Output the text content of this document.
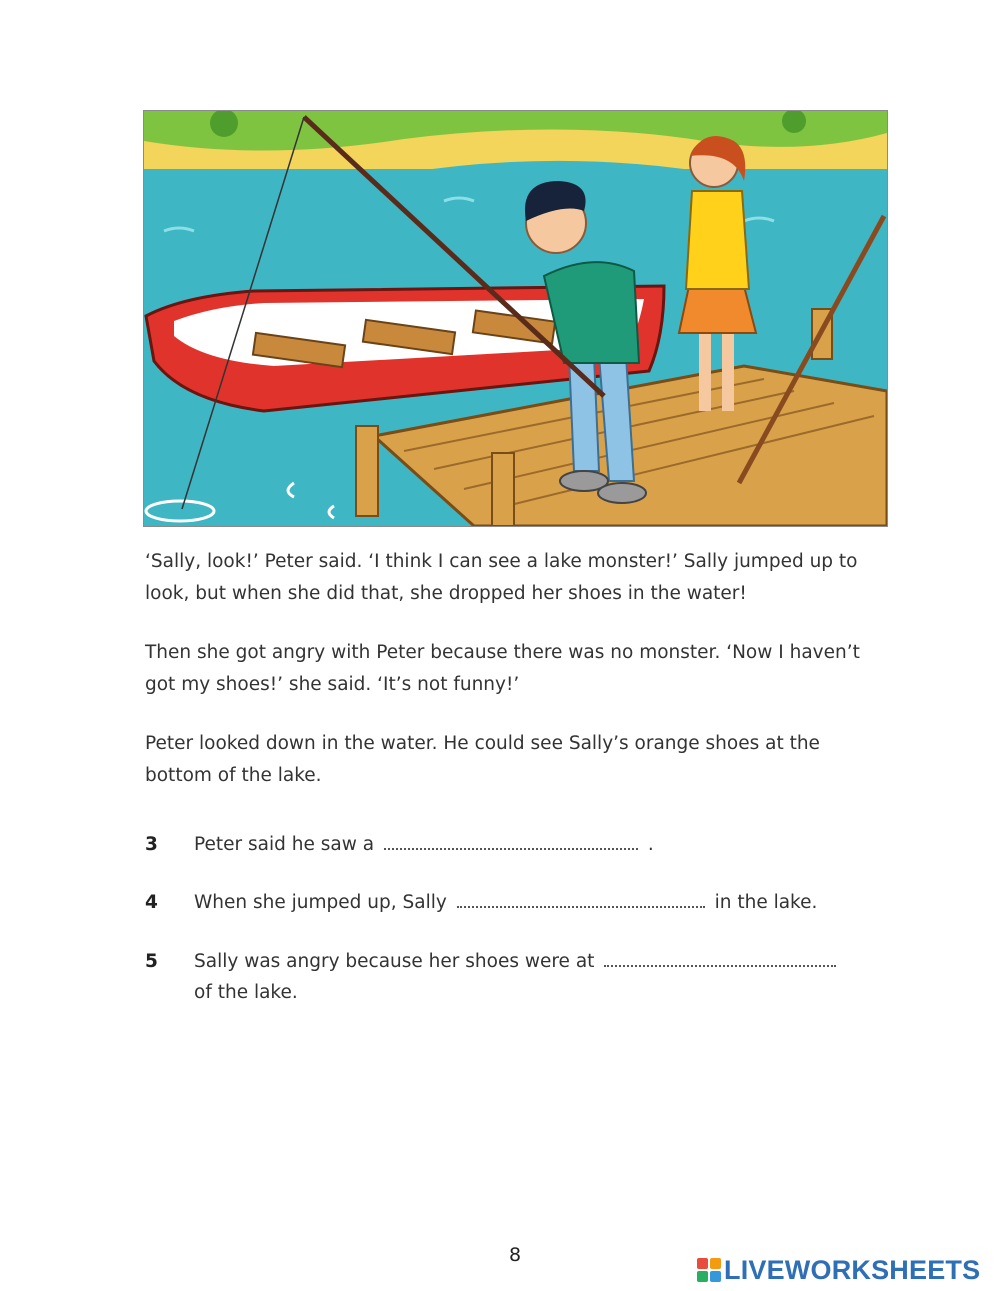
‘Sally, look!’ Peter said. ‘I think I can see a lake monster!’ Sally jumped up to look, but when she did that, she dropped her shoes in the water!

Then she got angry with Peter because there was no monster. ‘Now I haven’t got my shoes!’ she said. ‘It’s not funny!’

Peter looked down in the water. He could see Sally’s orange shoes at the bottom of the lake.

3 Peter said he saw a	.
4 When she jumped up, Sally	in the lake.
5 Sally was angry because her shoes were at
of the lake.
8	LIVEWORKSHEETS
